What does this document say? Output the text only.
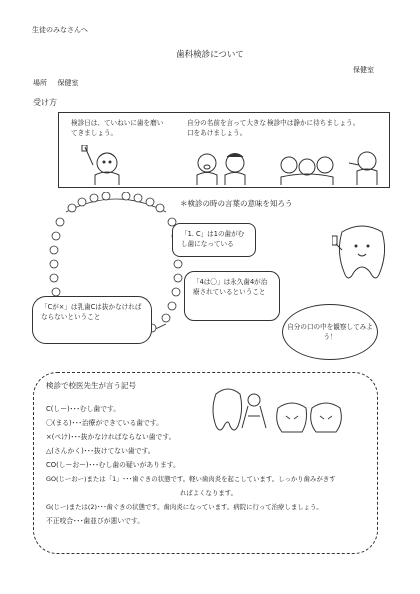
生徒のみなさんへ
歯科検診について
保健室
場所 保健室
受け方
検診日は、ていねいに歯を磨いてきましょう。
自分の名前を言って大きな口をあけましょう。
検診中は静かに待ちましょう。
＊検診の時の言葉の意味を知ろう
「1. C」は1の歯がむし歯になっている
「4は〇」は永久歯4が治療されているということ
「Cが×」は乳歯Cは抜かなければならないということ
自分の口の中を観察してみよう！
検診で校医先生が言う記号
C(しー)･･･むし歯です。
〇(まる)･･･治療ができている歯です。
×(ぺけ)･･･抜かなければならない歯です。
△(さんかく)･･･抜けてない歯です。
CO(しーおー)･･･むし歯の疑いがあります。
GO(じーおー)または「1」･･･歯ぐきの状態です。軽い歯肉炎を起こしています。しっかり歯みがきす
ればよくなります。
G(じー)または(2)･･･歯ぐきの状態です。歯肉炎になっています。病院に行って治療しましょう。
不正咬合･･･歯並びが悪いです。
